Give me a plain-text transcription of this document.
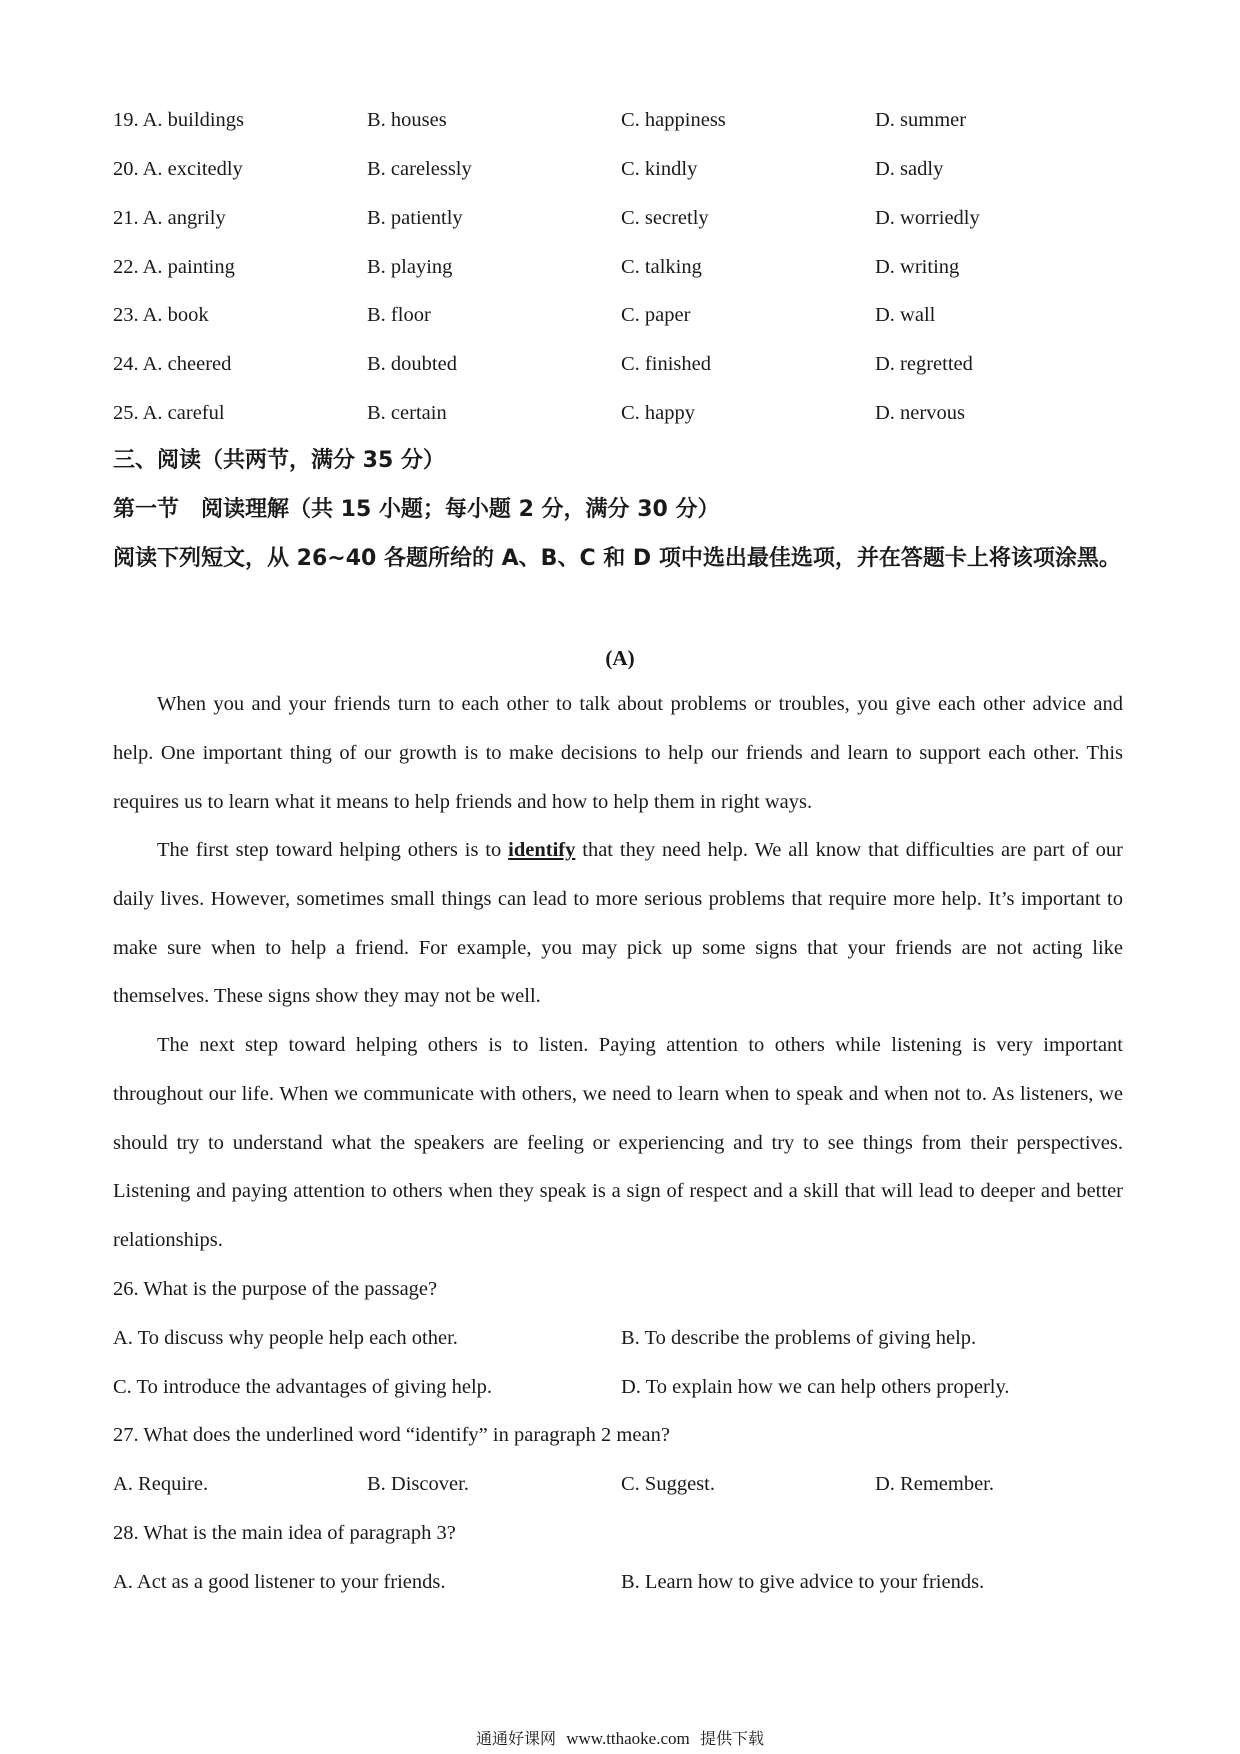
19. A. buildings	B. houses	C. happiness	D. summer
20. A. excitedly	B. carelessly	C. kindly	D. sadly
21. A. angrily	B. patiently	C. secretly	D. worriedly
22. A. painting	B. playing	C. talking	D. writing
23. A. book	B. floor	C. paper	D. wall
24. A. cheered	B. doubted	C. finished	D. regretted
25. A. careful	B. certain	C. happy	D. nervous
三、阅读（共两节，满分 35 分）
第一节　阅读理解（共 15 小题；每小题 2 分，满分 30 分）
阅读下列短文，从 26~40 各题所给的 A、B、C 和 D 项中选出最佳选项，并在答题卡上将该项涂黑。
(A)

When you and your friends turn to each other to talk about problems or troubles, you give each other advice and help. One important thing of our growth is to make decisions to help our friends and learn to support each other. This requires us to learn what it means to help friends and how to help them in right ways.

The first step toward helping others is to identify that they need help. We all know that difficulties are part of our daily lives. However, sometimes small things can lead to more serious problems that require more help. It’s important to make sure when to help a friend. For example, you may pick up some signs that your friends are not acting like themselves. These signs show they may not be well.

The next step toward helping others is to listen. Paying attention to others while listening is very important throughout our life. When we communicate with others, we need to learn when to speak and when not to. As listeners, we should try to understand what the speakers are feeling or experiencing and try to see things from their perspectives. Listening and paying attention to others when they speak is a sign of respect and a skill that will lead to deeper and better relationships.

26. What is the purpose of the passage?
A. To discuss why people help each other.	B. To describe the problems of giving help.
C. To introduce the advantages of giving help.	D. To explain how we can help others properly.
27. What does the underlined word “identify” in paragraph 2 mean?
A. Require.	B. Discover.	C. Suggest.	D. Remember.
28. What is the main idea of paragraph 3?
A. Act as a good listener to your friends.	B. Learn how to give advice to your friends.
通通好课网 www.tthaoke.com 提供下载
